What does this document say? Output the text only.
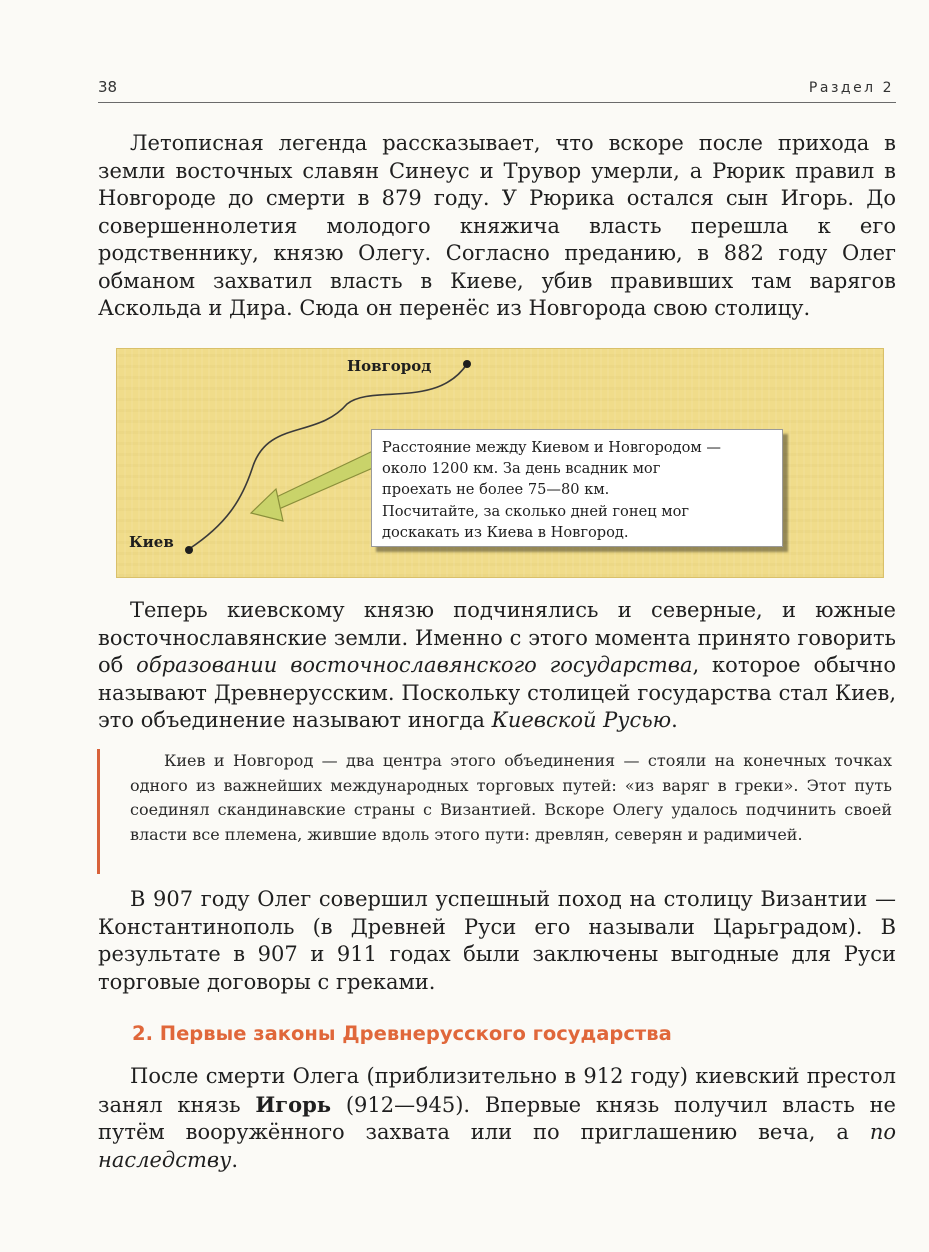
38	Раздел 2

Летописная легенда рассказывает, что вскоре после прихода в земли восточных славян Синеус и Трувор умерли, а Рюрик правил в Новгороде до смерти в 879 году. У Рюрика остался сын Игорь. До совершеннолетия молодого княжича власть перешла к его родственнику, князю Олегу. Согласно преданию, в 882 году Олег обманом захватил власть в Киеве, убив правивших там варягов Аскольда и Дира. Сюда он перенёс из Новгорода свою столицу.

Новгород
Киев
Расстояние между Киевом и Новгородом —
около 1200 км. За день всадник мог
проехать не более 75—80 км.
Посчитайте, за сколько дней гонец мог
доскакать из Киева в Новгород.

Теперь киевскому князю подчинялись и северные, и южные восточнославянские земли. Именно с этого момента принято говорить об образовании восточнославянского государства, которое обычно называют Древнерусским. Поскольку столицей государства стал Киев, это объединение называют иногда Киевской Русью.

Киев и Новгород — два центра этого объединения — стояли на конечных точках одного из важнейших международных торговых путей: «из варяг в греки». Этот путь соединял скандинавские страны с Византией. Вскоре Олегу удалось подчинить своей власти все племена, жившие вдоль этого пути: древлян, северян и радимичей.

В 907 году Олег совершил успешный поход на столицу Византии — Константинополь (в Древней Руси его называли Царьградом). В результате в 907 и 911 годах были заключены выгодные для Руси торговые договоры с греками.

2. Первые законы Древнерусского государства

После смерти Олега (приблизительно в 912 году) киевский престол занял князь Игорь (912—945). Впервые князь получил власть не путём вооружённого захвата или по приглашению веча, а по наследству.
